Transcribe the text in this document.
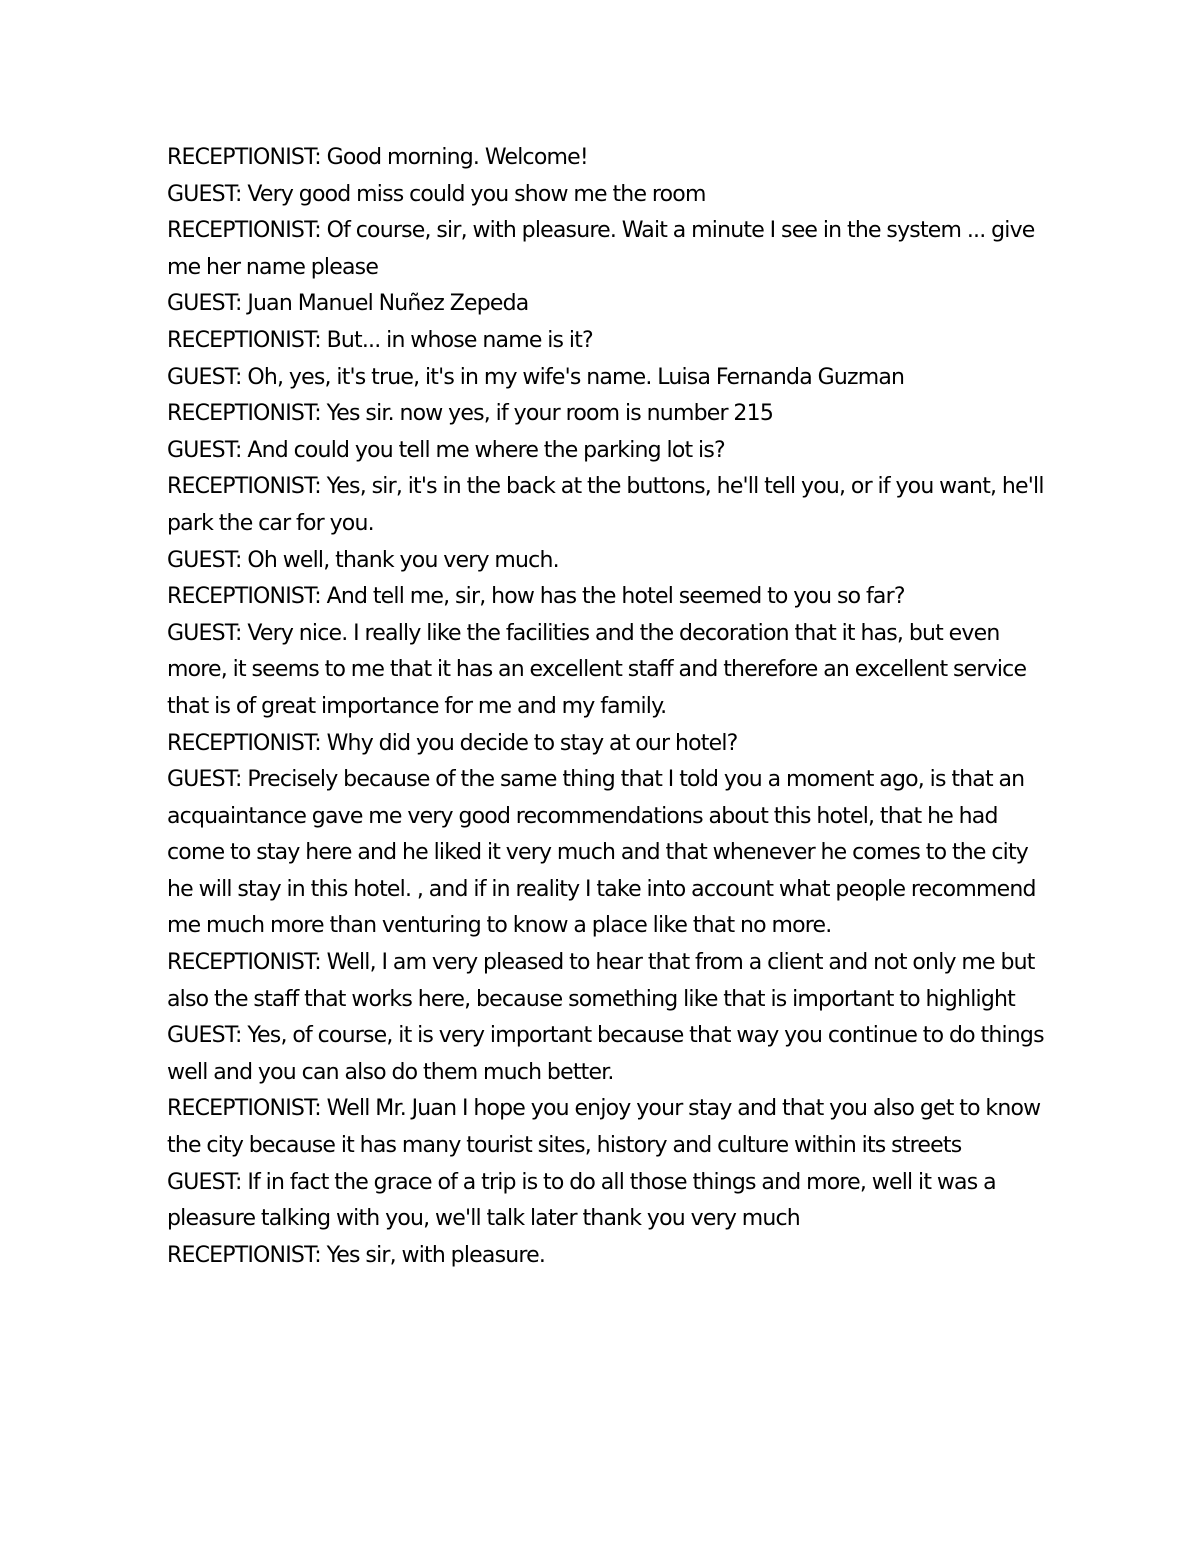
RECEPTIONIST: Good morning. Welcome!

GUEST: Very good miss could you show me the room

RECEPTIONIST: Of course, sir, with pleasure. Wait a minute I see in the system ... give me her name please

GUEST: Juan Manuel Nuñez Zepeda

RECEPTIONIST: But... in whose name is it?

GUEST: Oh, yes, it's true, it's in my wife's name. Luisa Fernanda Guzman

RECEPTIONIST: Yes sir. now yes, if your room is number 215

GUEST: And could you tell me where the parking lot is?

RECEPTIONIST: Yes, sir, it's in the back at the buttons, he'll tell you, or if you want, he'll park the car for you.

GUEST: Oh well, thank you very much.

RECEPTIONIST: And tell me, sir, how has the hotel seemed to you so far?

GUEST: Very nice. I really like the facilities and the decoration that it has, but even more, it seems to me that it has an excellent staff and therefore an excellent service that is of great importance for me and my family.

RECEPTIONIST: Why did you decide to stay at our hotel?

GUEST: Precisely because of the same thing that I told you a moment ago, is that an acquaintance gave me very good recommendations about this hotel, that he had come to stay here and he liked it very much and that whenever he comes to the city he will stay in this hotel. , and if in reality I take into account what people recommend me much more than venturing to know a place like that no more.

RECEPTIONIST: Well, I am very pleased to hear that from a client and not only me but also the staff that works here, because something like that is important to highlight

GUEST: Yes, of course, it is very important because that way you continue to do things well and you can also do them much better.

RECEPTIONIST: Well Mr. Juan I hope you enjoy your stay and that you also get to know the city because it has many tourist sites, history and culture within its streets

GUEST: If in fact the grace of a trip is to do all those things and more, well it was a pleasure talking with you, we'll talk later thank you very much

RECEPTIONIST: Yes sir, with pleasure.
